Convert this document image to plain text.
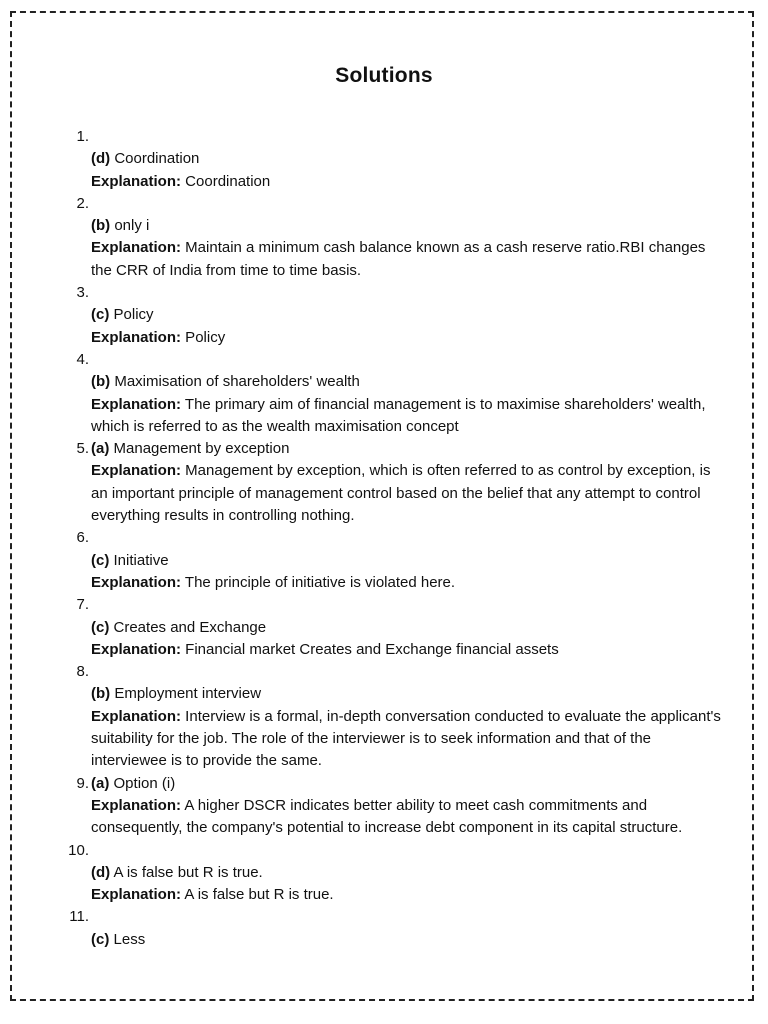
Solutions
1.
(d) Coordination
Explanation: Coordination
2.
(b) only i
Explanation: Maintain a minimum cash balance known as a cash reserve ratio.RBI changes the CRR of India from time to time basis.
3.
(c) Policy
Explanation: Policy
4.
(b) Maximisation of shareholders' wealth
Explanation: The primary aim of financial management is to maximise shareholders' wealth, which is referred to as the wealth maximisation concept
5. (a) Management by exception
Explanation: Management by exception, which is often referred to as control by exception, is an important principle of management control based on the belief that any attempt to control everything results in controlling nothing.
6.
(c) Initiative
Explanation: The principle of initiative is violated here.
7.
(c) Creates and Exchange
Explanation: Financial market Creates and Exchange financial assets
8.
(b) Employment interview
Explanation: Interview is a formal, in-depth conversation conducted to evaluate the applicant's suitability for the job. The role of the interviewer is to seek information and that of the interviewee is to provide the same.
9. (a) Option (i)
Explanation: A higher DSCR indicates better ability to meet cash commitments and consequently, the company's potential to increase debt component in its capital structure.
10.
(d) A is false but R is true.
Explanation: A is false but R is true.
11.
(c) Less
